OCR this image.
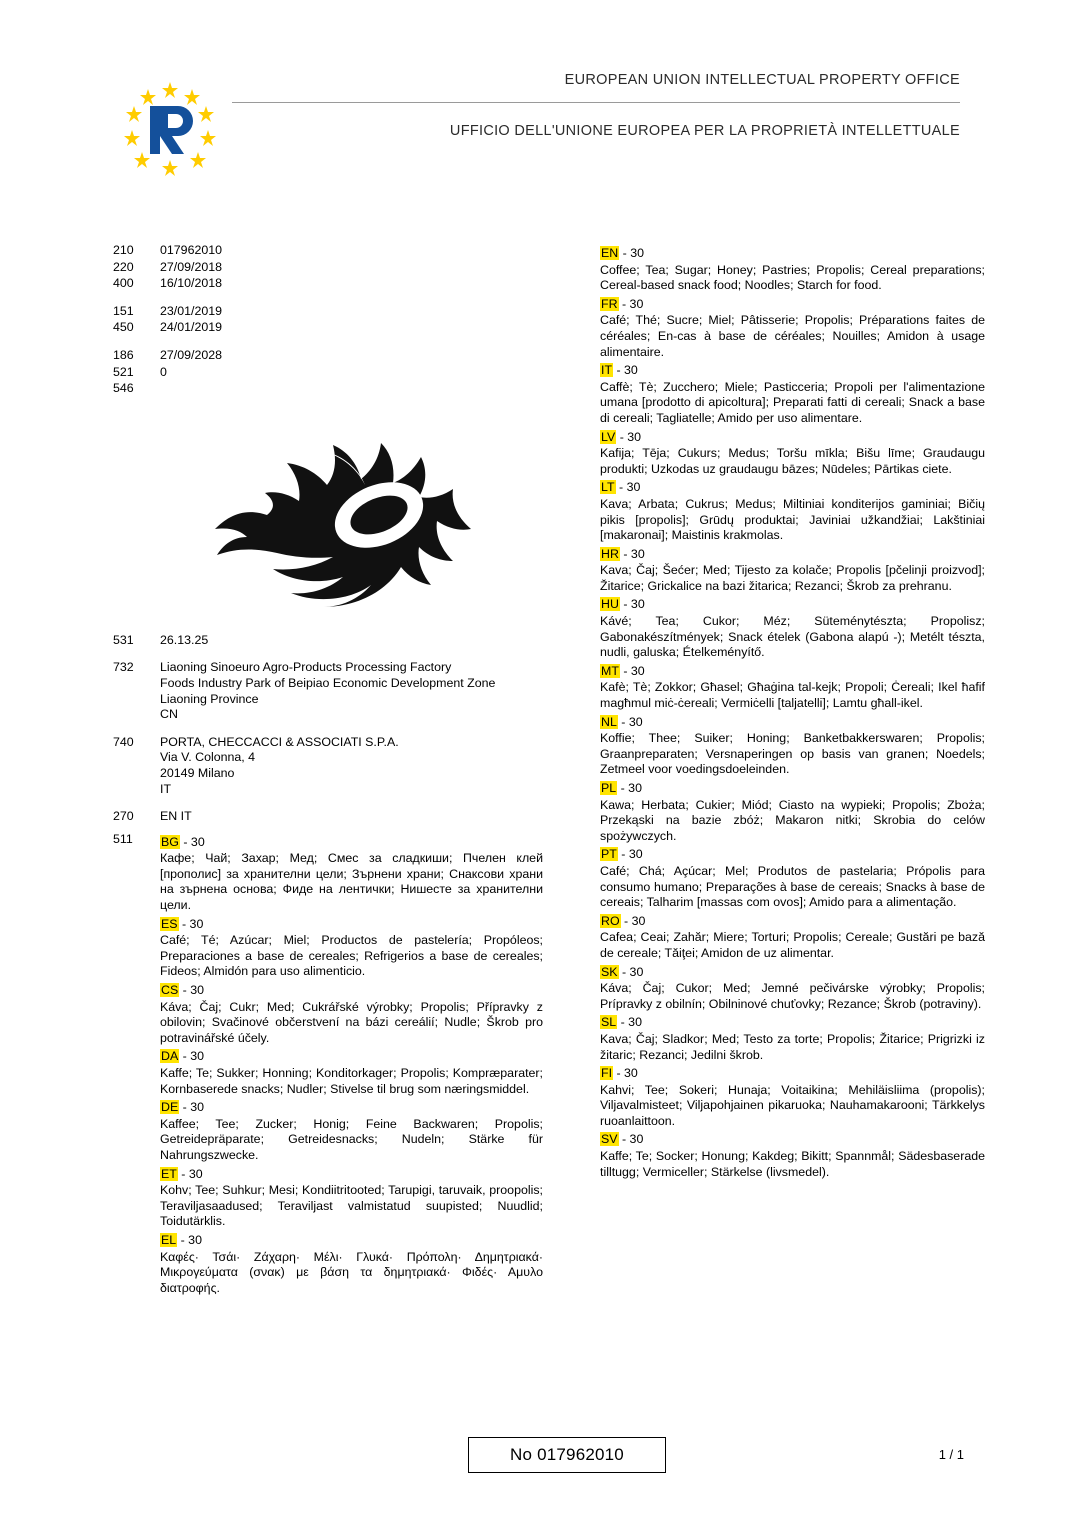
EUROPEAN UNION INTELLECTUAL PROPERTY OFFICE
UFFICIO DELL'UNIONE EUROPEA PER LA PROPRIETÀ INTELLETTUALE
210	017962010
220	27/09/2018
400	16/10/2018
151	23/01/2019
450	24/01/2019
186	27/09/2028
521	0
546
531	26.13.25
732	Liaoning Sinoeuro Agro-Products Processing Factory
Foods Industry Park of Beipiao Economic Development Zone
Liaoning Province
CN
740	PORTA, CHECCACCI & ASSOCIATI S.P.A.
Via V. Colonna, 4
20149 Milano
IT
270	EN IT
511	BG - 30
Кафе; Чай; Захар; Мед; Смес за сладкиши; Пчелен клей [прополис] за хранителни цели; Зърнени храни; Снаксови храни на зърнена основа; Фиде на лентички; Нишесте за хранителни цели.
ES - 30
Café; Té; Azúcar; Miel; Productos de pastelería; Propóleos; Preparaciones a base de cereales; Refrigerios a base de cereales; Fideos; Almidón para uso alimenticio.
CS - 30
Káva; Čaj; Cukr; Med; Cukrářské výrobky; Propolis; Přípravky z obilovin; Svačinové občerstvení na bázi cereálií; Nudle; Škrob pro potravinářské účely.
DA - 30
Kaffe; Te; Sukker; Honning; Konditorkager; Propolis; Kompræparater; Kornbaserede snacks; Nudler; Stivelse til brug som næringsmiddel.
DE - 30
Kaffee; Tee; Zucker; Honig; Feine Backwaren; Propolis; Getreidepräparate; Getreidesnacks; Nudeln; Stärke für Nahrungszwecke.
ET - 30
Kohv; Tee; Suhkur; Mesi; Kondiitritooted; Tarupigi, taruvaik, proopolis; Teraviljasaadused; Teraviljast valmistatud suupisted; Nuudlid; Toidutärklis.
EL - 30
Καφές· Τσάι· Ζάχαρη· Μέλι· Γλυκά· Πρόπολη· Δημητριακά· Μικρογεύματα (σνακ) με βάση τα δημητριακά· Φιδές· Αμυλο διατροφής.
EN - 30
Coffee; Tea; Sugar; Honey; Pastries; Propolis; Cereal preparations; Cereal-based snack food; Noodles; Starch for food.
FR - 30
Café; Thé; Sucre; Miel; Pâtisserie; Propolis; Préparations faites de céréales; En-cas à base de céréales; Nouilles; Amidon à usage alimentaire.
IT - 30
Caffè; Tè; Zucchero; Miele; Pasticceria; Propoli per l'alimentazione umana [prodotto di apicoltura]; Preparati fatti di cereali; Snack a base di cereali; Tagliatelle; Amido per uso alimentare.
LV - 30
Kafija; Tēja; Cukurs; Medus; Toršu mīkla; Bišu līme; Graudaugu produkti; Uzkodas uz graudaugu bāzes; Nūdeles; Pārtikas ciete.
LT - 30
Kava; Arbata; Cukrus; Medus; Miltiniai konditerijos gaminiai; Bičių pikis [propolis]; Grūdų produktai; Javiniai užkandžiai; Lakštiniai [makaronai]; Maistinis krakmolas.
HR - 30
Kava; Čaj; Šećer; Med; Tijesto za kolače; Propolis [pčelinji proizvod]; Žitarice; Grickalice na bazi žitarica; Rezanci; Škrob za prehranu.
HU - 30
Kávé; Tea; Cukor; Méz; Süteménytészta; Propolisz; Gabonakészítmények; Snack ételek (Gabona alapú -); Metélt tészta, nudli, galuska; Ételkeményítő.
MT - 30
Kafè; Tè; Zokkor; Għasel; Għaġina tal-kejk; Propoli; Ċereali; Ikel ħafif magħmul miċ-ċereali; Vermiċelli [taljatelli]; Lamtu għall-ikel.
NL - 30
Koffie; Thee; Suiker; Honing; Banketbakkerswaren; Propolis; Graanpreparaten; Versnaperingen op basis van granen; Noedels; Zetmeel voor voedingsdoeleinden.
PL - 30
Kawa; Herbata; Cukier; Miód; Ciasto na wypieki; Propolis; Zboża; Przekąski na bazie zbóż; Makaron nitki; Skrobia do celów spożywczych.
PT - 30
Café; Chá; Açúcar; Mel; Produtos de pastelaria; Própolis para consumo humano; Preparações à base de cereais; Snacks à base de cereais; Talharim [massas com ovos]; Amido para a alimentação.
RO - 30
Cafea; Ceai; Zahăr; Miere; Torturi; Propolis; Cereale; Gustări pe bază de cereale; Tăiţei; Amidon de uz alimentar.
SK - 30
Káva; Čaj; Cukor; Med; Jemné pečivárske výrobky; Propolis; Prípravky z obilnín; Obilninové chuťovky; Rezance; Škrob (potraviny).
SL - 30
Kava; Čaj; Sladkor; Med; Testo za torte; Propolis; Žitarice; Prigrizki iz žitaric; Rezanci; Jedilni škrob.
FI - 30
Kahvi; Tee; Sokeri; Hunaja; Voitaikina; Mehiläisliima (propolis); Viljavalmisteet; Viljapohjainen pikaruoka; Nauhamakarooni; Tärkkelys ruoanlaittoon.
SV - 30
Kaffe; Te; Socker; Honung; Kakdeg; Bikitt; Spannmål; Sädesbaserade tilltugg; Vermiceller; Stärkelse (livsmedel).
No 017962010	1 / 1
